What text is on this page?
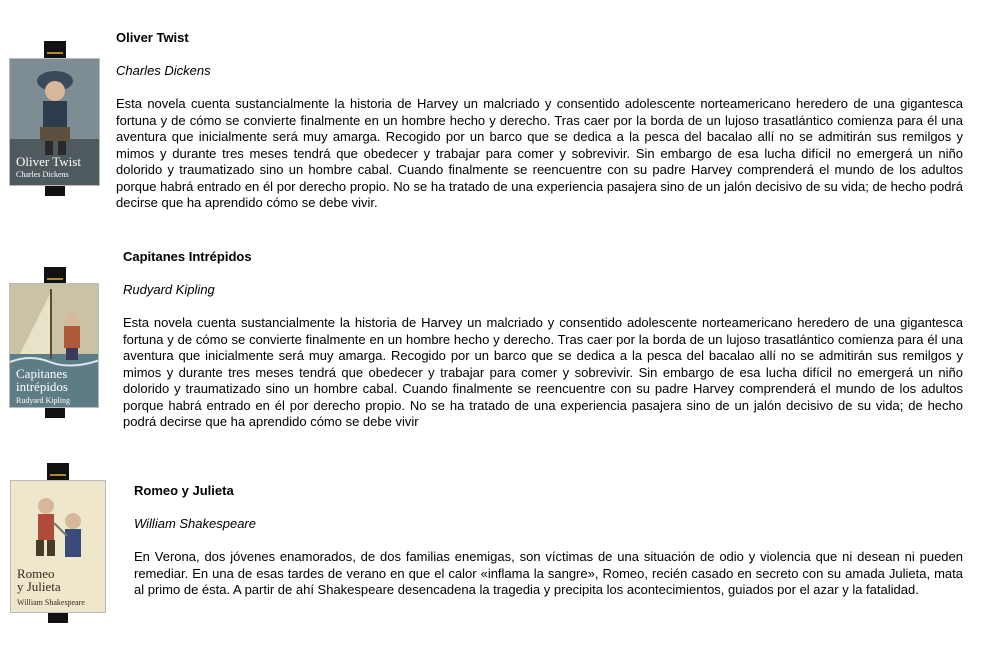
Oliver Twist
Charles Dickens

Oliver Twist

Charles Dickens

Esta novela cuenta sustancialmente la historia de Harvey un malcriado y consentido adolescente norteamericano heredero de una gigantesca fortuna y de cómo se convierte finalmente en un hombre hecho y derecho. Tras caer por la borda de un lujoso trasatlántico comienza para él una aventura que inicialmente será muy amarga. Recogido por un barco que se dedica a la pesca del bacalao allí no se admitirán sus remilgos y mimos y durante tres meses tendrá que obedecer y trabajar para comer y sobrevivir. Sin embargo de esa lucha difícil no emergerá un niño dolorido y traumatizado sino un hombre cabal. Cuando finalmente se reencuentre con su padre Harvey comprenderá el mundo de los adultos porque habrá entrado en él por derecho propio. No se ha tratado de una experiencia pasajera sino de un jalón decisivo de su vida; de hecho podrá decirse que ha aprendido cómo se debe vivir.

Capitanes
intrépidos
Rudyard Kipling

Capitanes Intrépidos

Rudyard Kipling

Esta novela cuenta sustancialmente la historia de Harvey un malcriado y consentido adolescente norteamericano heredero de una gigantesca fortuna y de cómo se convierte finalmente en un hombre hecho y derecho. Tras caer por la borda de un lujoso trasatlántico comienza para él una aventura que inicialmente será muy amarga. Recogido por un barco que se dedica a la pesca del bacalao allí no se admitirán sus remilgos y mimos y durante tres meses tendrá que obedecer y trabajar para comer y sobrevivir. Sin embargo de esa lucha difícil no emergerá un niño dolorido y traumatizado sino un hombre cabal. Cuando finalmente se reencuentre con su padre Harvey comprenderá el mundo de los adultos porque habrá entrado en él por derecho propio. No se ha tratado de una experiencia pasajera sino de un jalón decisivo de su vida; de hecho podrá decirse que ha aprendido cómo se debe vivir

Romeo
y Julieta
William Shakespeare

Romeo y Julieta

William Shakespeare

En Verona, dos jóvenes enamorados, de dos familias enemigas, son víctimas de una situación de odio y violencia que ni desean ni pueden remediar. En una de esas tardes de verano en que el calor «inflama la sangre», Romeo, recién casado en secreto con su amada Julieta, mata al primo de ésta. A partir de ahí Shakespeare desencadena la tragedia y precipita los acontecimientos, guiados por el azar y la fatalidad.
